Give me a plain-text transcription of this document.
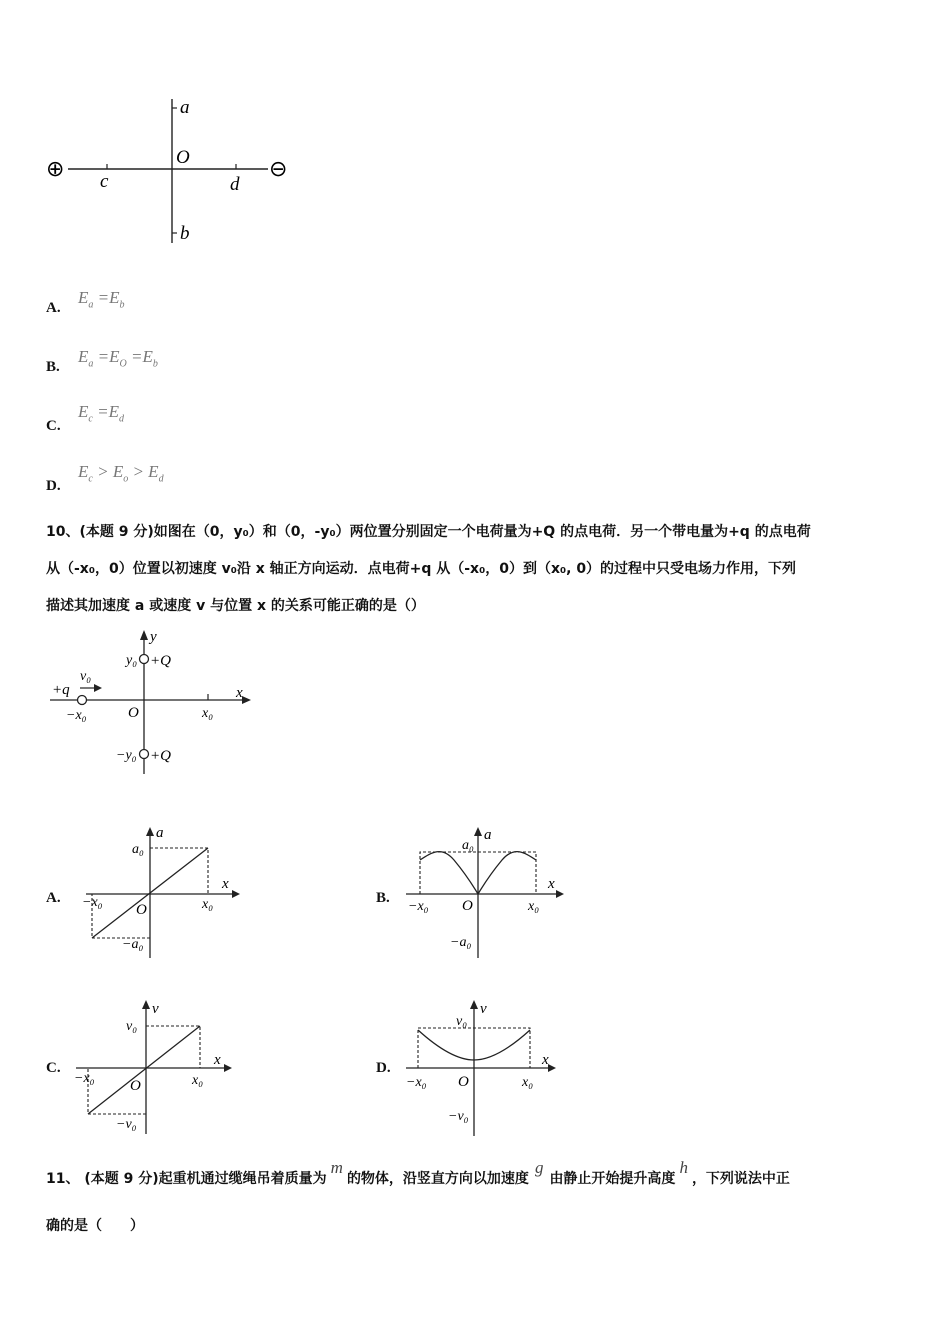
a
b
c	d
O
⊕	⊖
A.
$E_a =E_b$
B.
$E_a =E_O =E_b$
C.
$E_c =E_d$
D.
$E_c > E_o > E_d$
10、(本题 9 分)如图在（0，y₀）和（0，-y₀）两位置分别固定一个电荷量为+Q 的点电荷．另一个带电量为+q 的点电荷
从（-x₀，0）位置以初速度 v₀沿 x 轴正方向运动．点电荷+q 从（-x₀，0）到（x₀, 0）的过程中只受电场力作用，下列
描述其加速度 a 或速度 v 与位置 x 的关系可能正确的是（）
y
x
O
y₀ +Q
−y₀ +Q
+q
v₀
−x₀	x₀
A.
a
x
O
a₀
−a₀
−x₀	x₀	B.
a
x
O
a₀
−a₀
−x₀	x₀
C.
v
x
O
v₀
−v₀
−x₀	x₀
D.
v
x
O
v₀
−v₀
−x₀	x₀
11、 (本题 9 分)起重机通过缆绳吊着质量为m的物体，沿竖直方向以加速度g由静止开始提升高度h，下列说法中正
确的是（　　）
